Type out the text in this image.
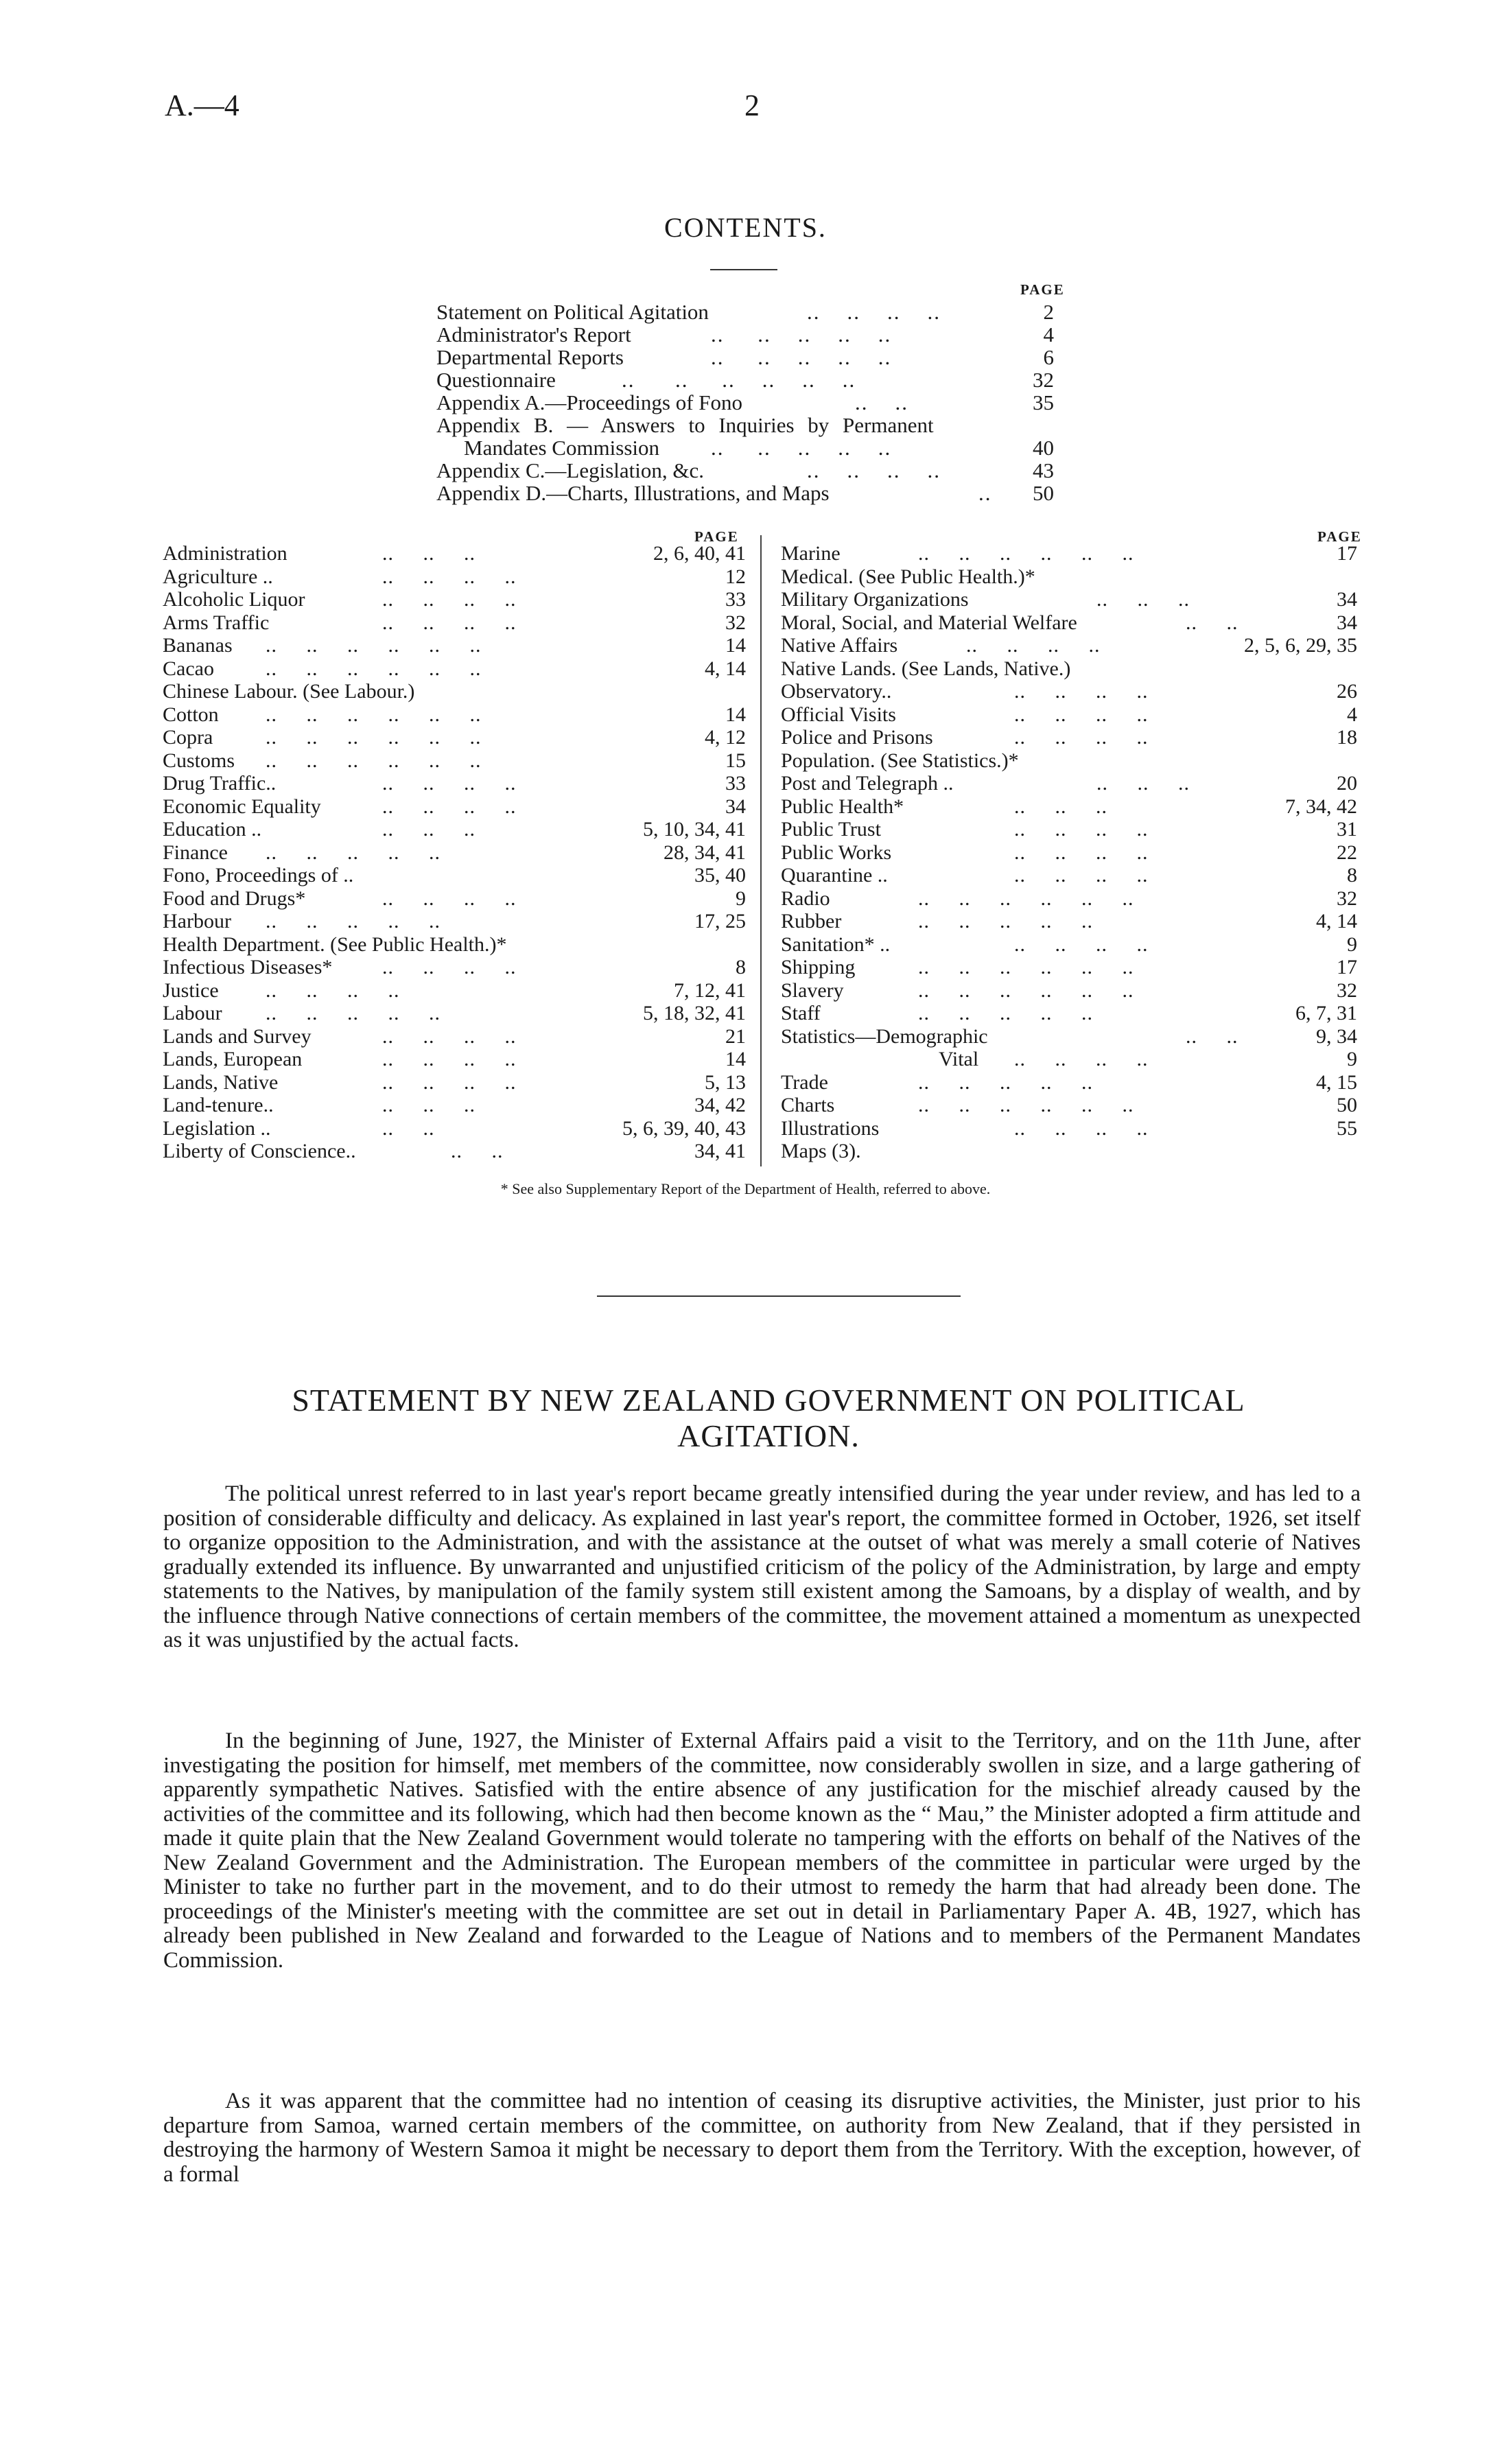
A.—4	2
CONTENTS.
PAGE
Statement on Political Agitation	..    ..    ..    ..	2
Administrator's Report	..     ..    ..    ..    ..	4
Departmental Reports	..     ..    ..    ..    ..	6
Questionnaire	..      ..     ..    ..    ..    ..	32
Appendix A.—Proceedings of Fono	..    ..	35
Appendix B. — Answers to Inquiries by Permanent
Mandates Commission ..     ..    ..    ..    ..	40
Appendix C.—Legislation, &c.	..    ..    ..    ..	43
Appendix D.—Charts, Illustrations, and Maps	.. 50
PAGE	PAGE
Administration	..     ..     ..	2, 6, 40, 41
Agriculture ..	..     ..     ..     ..	12
Alcoholic Liquor	..     ..     ..     ..	33
Arms Traffic	..     ..     ..     ..	32
Bananas ..     ..     ..     ..     ..     ..	14
Cacao	..     ..     ..     ..     ..     ..	4, 14
Chinese Labour. (See Labour.)
Cotton ..     ..     ..     ..     ..     ..	14
Copra	..     ..     ..     ..     ..     ..	4, 12
Customs ..     ..     ..     ..     ..     ..	15
Drug Traffic..	..     ..     ..     ..	33
Economic Equality	..     ..     ..     ..	34
Education ..	..     ..     ..	5, 10, 34, 41
Finance ..     ..     ..     ..     ..	28, 34, 41
Fono, Proceedings of ..	35, 40
Food and Drugs*	..     ..     ..     ..	9
Harbour ..     ..     ..     ..     ..	17, 25
Health Department. (See Public Health.)*
Infectious Diseases* ..     ..     ..     ..	8
Justice ..     ..     ..     ..	7, 12, 41
Labour ..     ..     ..     ..     ..	5, 18, 32, 41
Lands and Survey	..     ..     ..     ..	21
Lands, European	..     ..     ..     ..	14
Lands, Native	..     ..     ..     ..	5, 13
Land-tenure..	..     ..     ..	34, 42
Legislation ..	..     ..	5, 6, 39, 40, 43
Liberty of Conscience..	..     ..	34, 41
Marine	..     ..     ..     ..     ..     ..	17
Medical. (See Public Health.)*
Military Organizations	..     ..     ..	34
Moral, Social, and Material Welfare	..     ..	34
Native Affairs	..     ..     ..     ..	2, 5, 6, 29, 35
Native Lands. (See Lands, Native.)
Observatory..	..     ..     ..     ..	26
Official Visits	..     ..     ..     ..	4
Police and Prisons	..     ..     ..     ..	18
Population. (See Statistics.)*
Post and Telegraph ..	..     ..     ..	20
Public Health*	..     ..     ..	7, 34, 42
Public Trust	..     ..     ..     ..	31
Public Works	..     ..     ..     ..	22
Quarantine ..	..     ..     ..     ..	8
Radio	..     ..     ..     ..     ..     ..	32
Rubber	..     ..     ..     ..     ..	4, 14
Sanitation* ..	..     ..     ..     ..	9
Shipping	..     ..     ..     ..     ..     ..	17
Slavery	..     ..     ..     ..     ..     ..	32
Staff	..     ..     ..     ..     ..	6, 7, 31
Statistics—Demographic	..     ..	9, 34
Vital ..     ..     ..     ..	9
Trade	..     ..     ..     ..     ..	4, 15
Charts	..     ..     ..     ..     ..     ..	50
Illustrations	..     ..     ..     ..	55
Maps (3).
* See also Supplementary Report of the Department of Health, referred to above.
STATEMENT BY NEW ZEALAND GOVERNMENT ON POLITICAL
AGITATION.
The political unrest referred to in last year's report became greatly intensified during the year under review, and has led to a position of considerable difficulty and delicacy. As explained in last year's report, the committee formed in October, 1926, set itself to organize opposition to the Administration, and with the assistance at the outset of what was merely a small coterie of Natives gradually extended its influence. By unwarranted and unjustified criticism of the policy of the Administration, by large and empty statements to the Natives, by manipulation of the family system still existent among the Samoans, by a display of wealth, and by the influence through Native connections of certain members of the committee, the movement attained a momentum as unexpected as it was unjustified by the actual facts.
In the beginning of June, 1927, the Minister of External Affairs paid a visit to the Territory, and on the 11th June, after investigating the position for himself, met members of the committee, now considerably swollen in size, and a large gathering of apparently sympathetic Natives. Satisfied with the entire absence of any justification for the mischief already caused by the activities of the committee and its following, which had then become known as the “ Mau,” the Minister adopted a firm attitude and made it quite plain that the New Zealand Government would tolerate no tampering with the efforts on behalf of the Natives of the New Zealand Government and the Administration. The European members of the committee in particular were urged by the Minister to take no further part in the movement, and to do their utmost to remedy the harm that had already been done. The proceedings of the Minister's meeting with the committee are set out in detail in Parliamentary Paper A. 4B, 1927, which has already been published in New Zealand and forwarded to the League of Nations and to members of the Permanent Mandates Commission.
As it was apparent that the committee had no intention of ceasing its disruptive activities, the Minister, just prior to his departure from Samoa, warned certain members of the committee, on authority from New Zealand, that if they persisted in destroying the harmony of Western Samoa it might be necessary to deport them from the Territory. With the exception, however, of a formal
